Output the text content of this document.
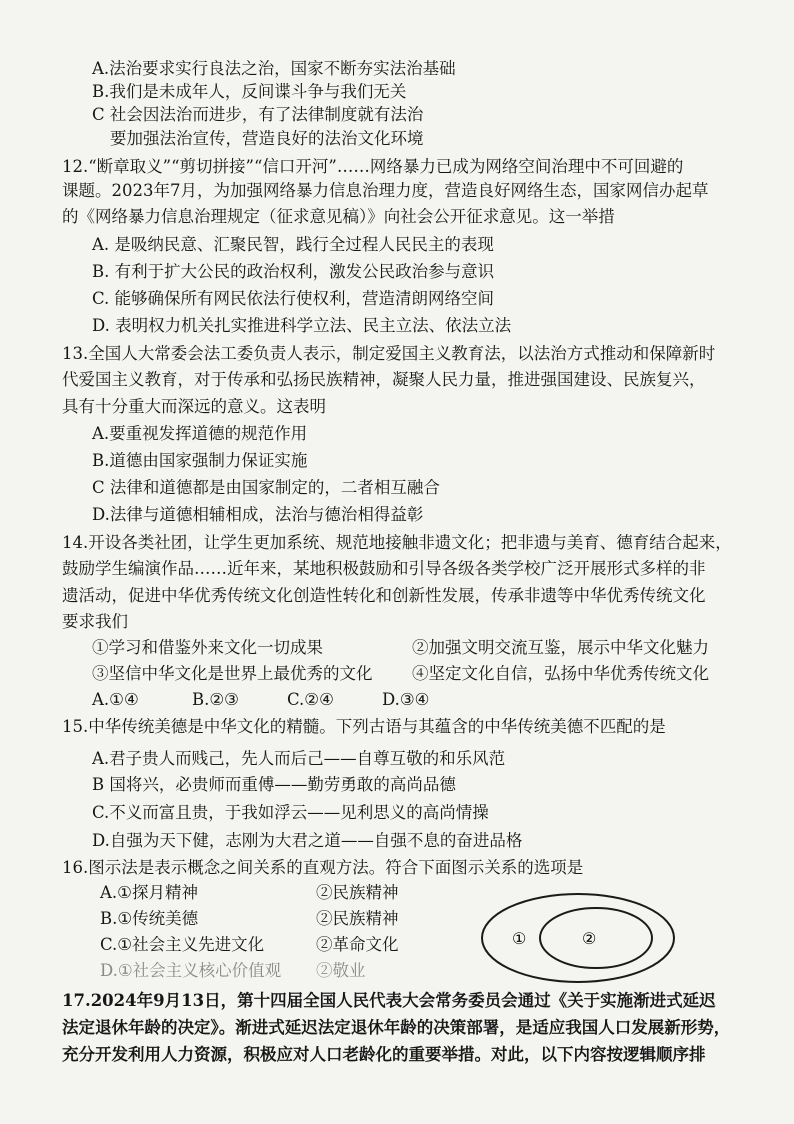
A.法治要求实行良法之治，国家不断夯实法治基础
B.我们是未成年人，反间谍斗争与我们无关
C 社会因法治而进步，有了法律制度就有法治
要加强法治宣传，营造良好的法治文化环境
12.“断章取义”“剪切拼接”“信口开河”……网络暴力已成为网络空间治理中不可回避的
课题。2023年7月，为加强网络暴力信息治理力度，营造良好网络生态，国家网信办起草
的《网络暴力信息治理规定（征求意见稿）》向社会公开征求意见。这一举措
A. 是吸纳民意、汇聚民智，践行全过程人民民主的表现
B. 有利于扩大公民的政治权利，激发公民政治参与意识
C. 能够确保所有网民依法行使权利，营造清朗网络空间
D. 表明权力机关扎实推进科学立法、民主立法、依法立法
13.全国人大常委会法工委负责人表示，制定爱国主义教育法，以法治方式推动和保障新时
代爱国主义教育，对于传承和弘扬民族精神，凝聚人民力量，推进强国建设、民族复兴，
具有十分重大而深远的意义。这表明
A.要重视发挥道德的规范作用
B.道德由国家强制力保证实施
C 法律和道德都是由国家制定的，二者相互融合
D.法律与道德相辅相成，法治与德治相得益彰
14.开设各类社团，让学生更加系统、规范地接触非遗文化；把非遗与美育、德育结合起来，
鼓励学生编演作品……近年来，某地积极鼓励和引导各级各类学校广泛开展形式多样的非
遗活动，促进中华优秀传统文化创造性转化和创新性发展，传承非遗等中华优秀传统文化
要求我们
①学习和借鉴外来文化一切成果	②加强文明交流互鉴，展示中华文化魅力
③坚信中华文化是世界上最优秀的文化 ④坚定文化自信，弘扬中华优秀传统文化
A.①④	B.②③	C.②④	D.③④
15.中华传统美德是中华文化的精髓。下列古语与其蕴含的中华传统美德不匹配的是
A.君子贵人而贱己，先人而后己——自尊互敬的和乐风范
B 国将兴，必贵师而重傅——勤劳勇敢的高尚品德
C.不义而富且贵，于我如浮云——见利思义的高尚情操
D.自强为天下健，志刚为大君之道——自强不息的奋进品格
16.图示法是表示概念之间关系的直观方法。符合下面图示关系的选项是
A.①探月精神	②民族精神
B.①传统美德	②民族精神
C.①社会主义先进文化	②革命文化
D.①社会主义核心价值观 ②敬业
①	②
17.2024年9月13日，第十四届全国人民代表大会常务委员会通过《关于实施渐进式延迟
法定退休年龄的决定》。渐进式延迟法定退休年龄的决策部署，是适应我国人口发展新形势，
充分开发利用人力资源，积极应对人口老龄化的重要举措。对此，以下内容按逻辑顺序排
